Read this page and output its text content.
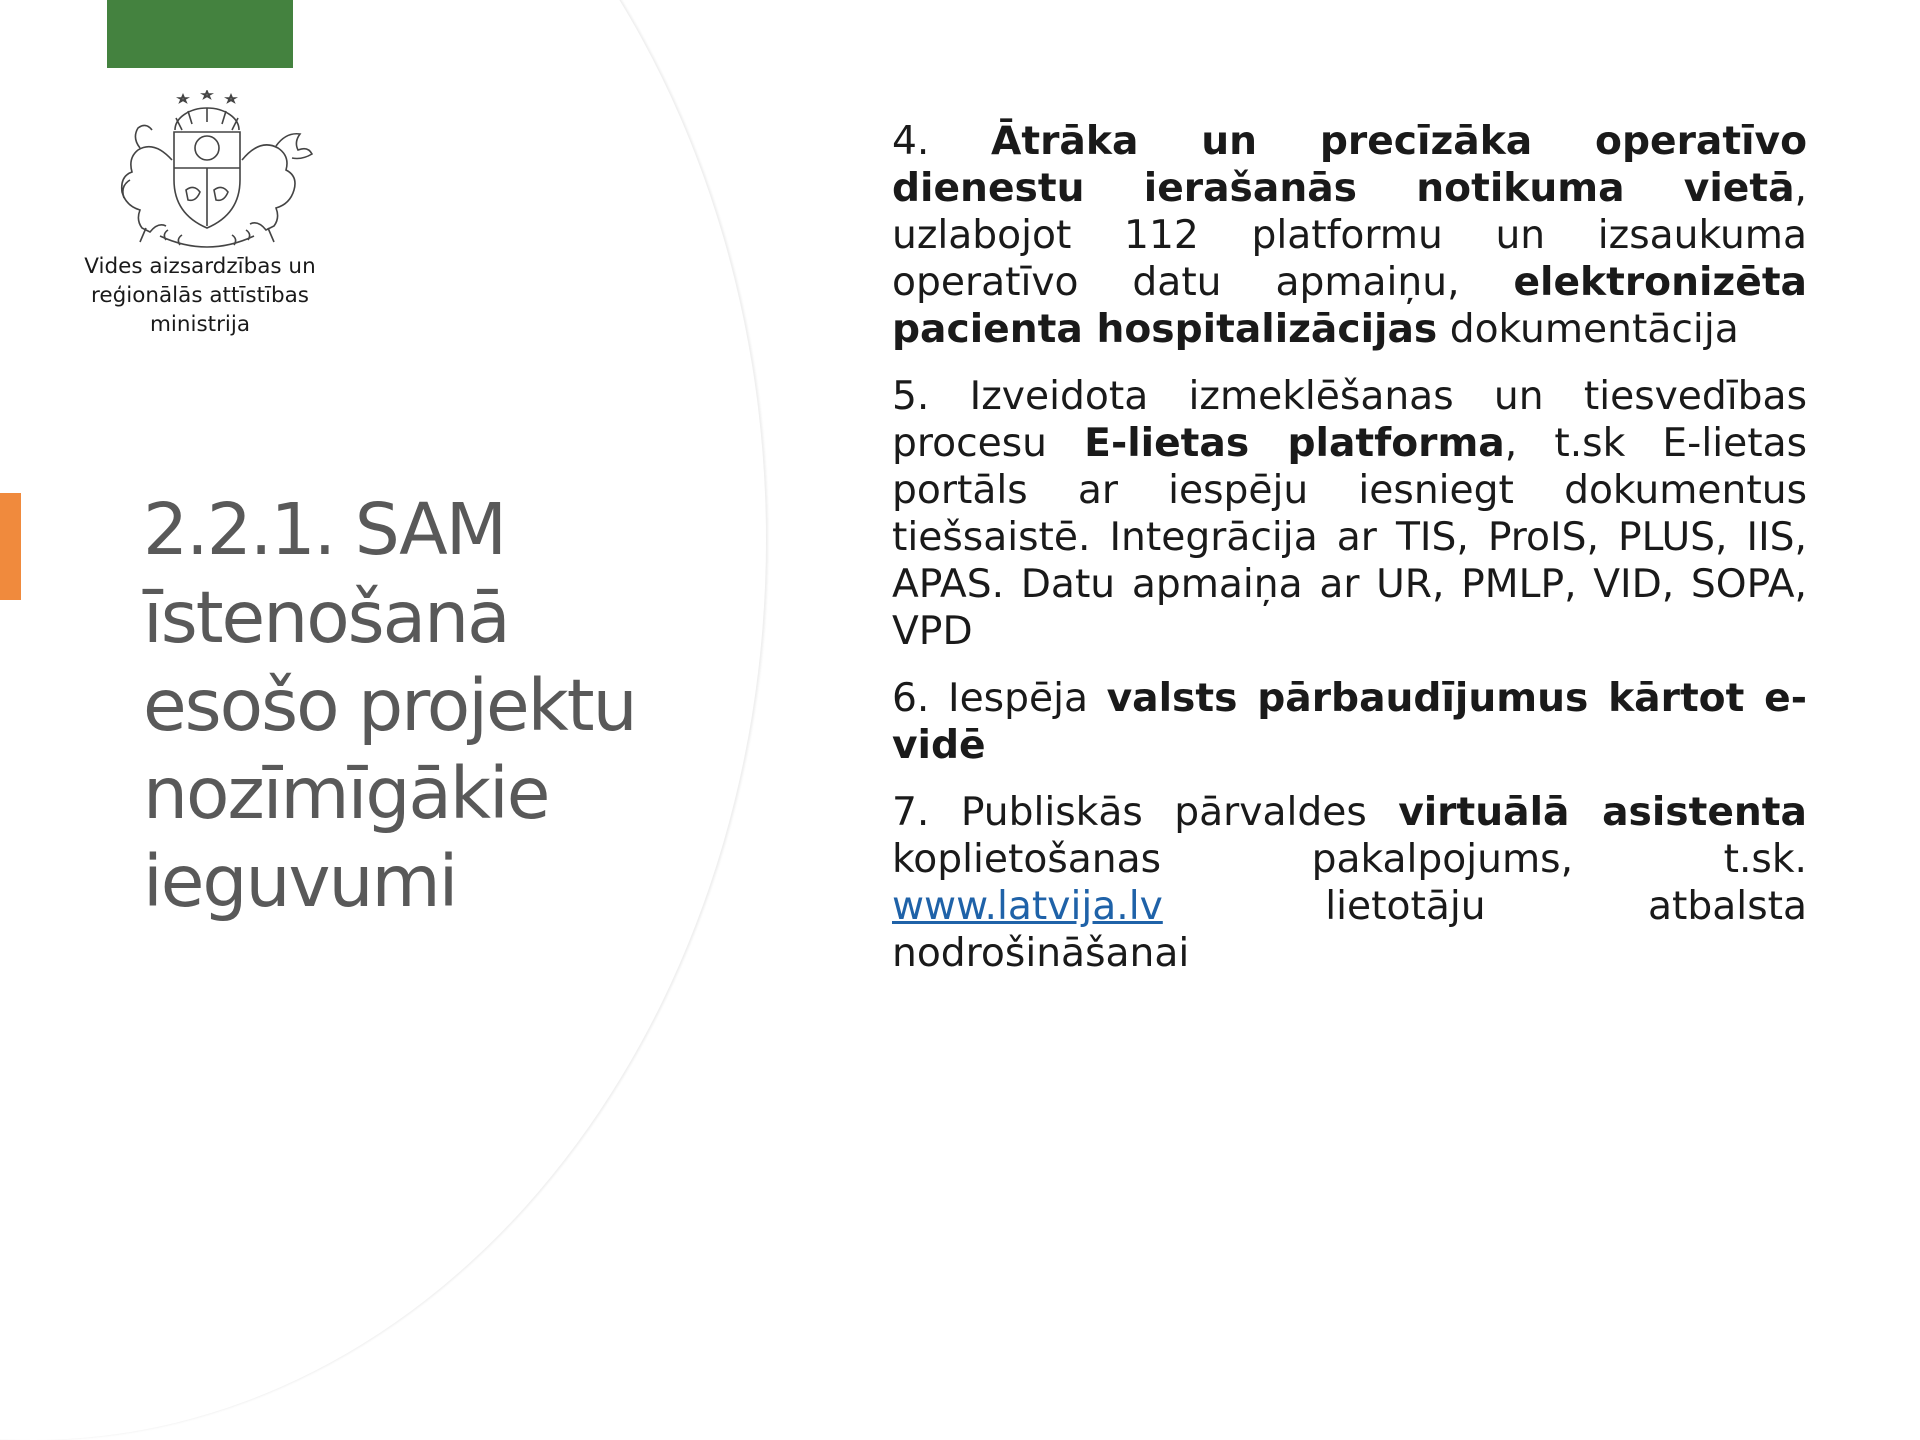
Vides aizsardzības un
reģionālās attīstības
ministrija
2.2.1. SAM
īstenošanā
esošo projektu
nozīmīgākie
ieguvumi

4. Ātrāka un precīzāka operatīvo dienestu ierašanās notikuma vietā, uzlabojot 112 platformu un izsaukuma operatīvo datu apmaiņu, elektronizēta pacienta hospitalizācijas dokumentācija

5. Izveidota izmeklēšanas un tiesvedības procesu E-lietas platforma, t.sk E-lietas portāls ar iespēju iesniegt dokumentus tiešsaistē. Integrācija ar TIS, ProIS, PLUS, IIS, APAS. Datu apmaiņa ar UR, PMLP, VID, SOPA, VPD

6. Iespēja valsts pārbaudījumus kārtot e-vidē

7. Publiskās pārvaldes virtuālā asistenta koplietošanas pakalpojums, t.sk. www.latvija.lv lietotāju atbalsta nodrošināšanai
